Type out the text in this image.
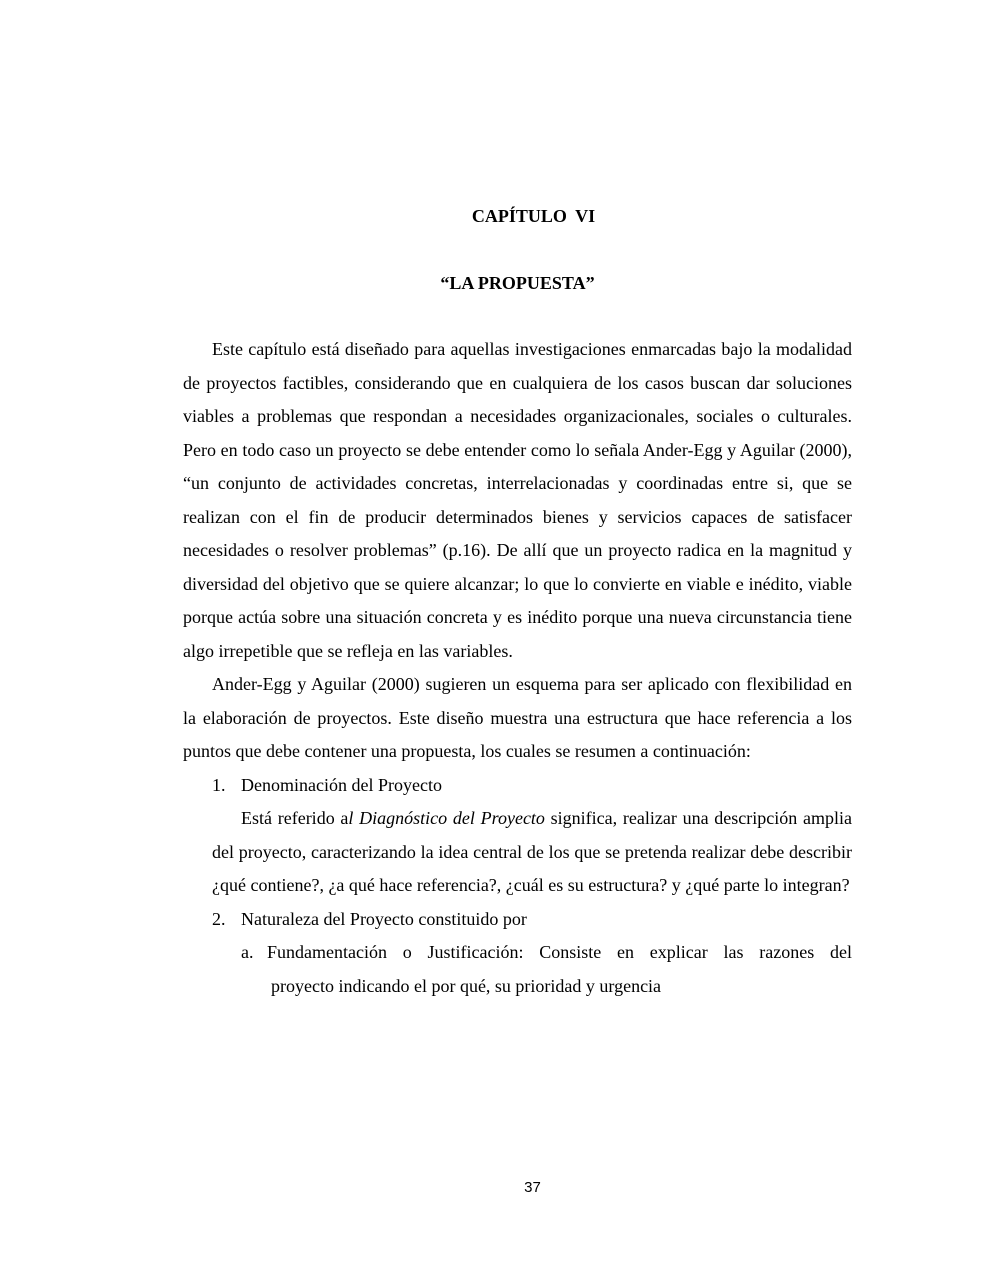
CAPÍTULO VI
“LA PROPUESTA”

Este capítulo está diseñado para aquellas investigaciones enmarcadas bajo la modalidad de proyectos factibles, considerando que en cualquiera de los casos buscan dar soluciones viables a problemas que respondan a necesidades organizacionales, sociales o culturales. Pero en todo caso un proyecto se debe entender como lo señala Ander-Egg y Aguilar (2000), “un conjunto de actividades concretas, interrelacionadas y coordinadas entre si, que se realizan con el fin de producir determinados bienes y servicios capaces de satisfacer necesidades o resolver problemas” (p.16). De allí que un proyecto radica en la magnitud y diversidad del objetivo que se quiere alcanzar; lo que lo convierte en viable e inédito, viable porque actúa sobre una situación concreta y es inédito porque una nueva circunstancia tiene algo irrepetible que se refleja en las variables.

Ander-Egg y Aguilar (2000) sugieren un esquema para ser aplicado con flexibilidad en la elaboración de proyectos. Este diseño muestra una estructura que hace referencia a los puntos que debe contener una propuesta, los cuales se resumen a continuación:

1. Denominación del Proyecto

Está referido al Diagnóstico del Proyecto significa, realizar una descripción amplia del proyecto, caracterizando la idea central de los que se pretenda realizar debe describir ¿qué contiene?, ¿a qué hace referencia?, ¿cuál es su estructura? y ¿qué parte lo integran?

2. Naturaleza del Proyecto constituido por
a. Fundamentación o Justificación: Consiste en explicar las razones del
proyecto indicando el por qué, su prioridad y urgencia
37
